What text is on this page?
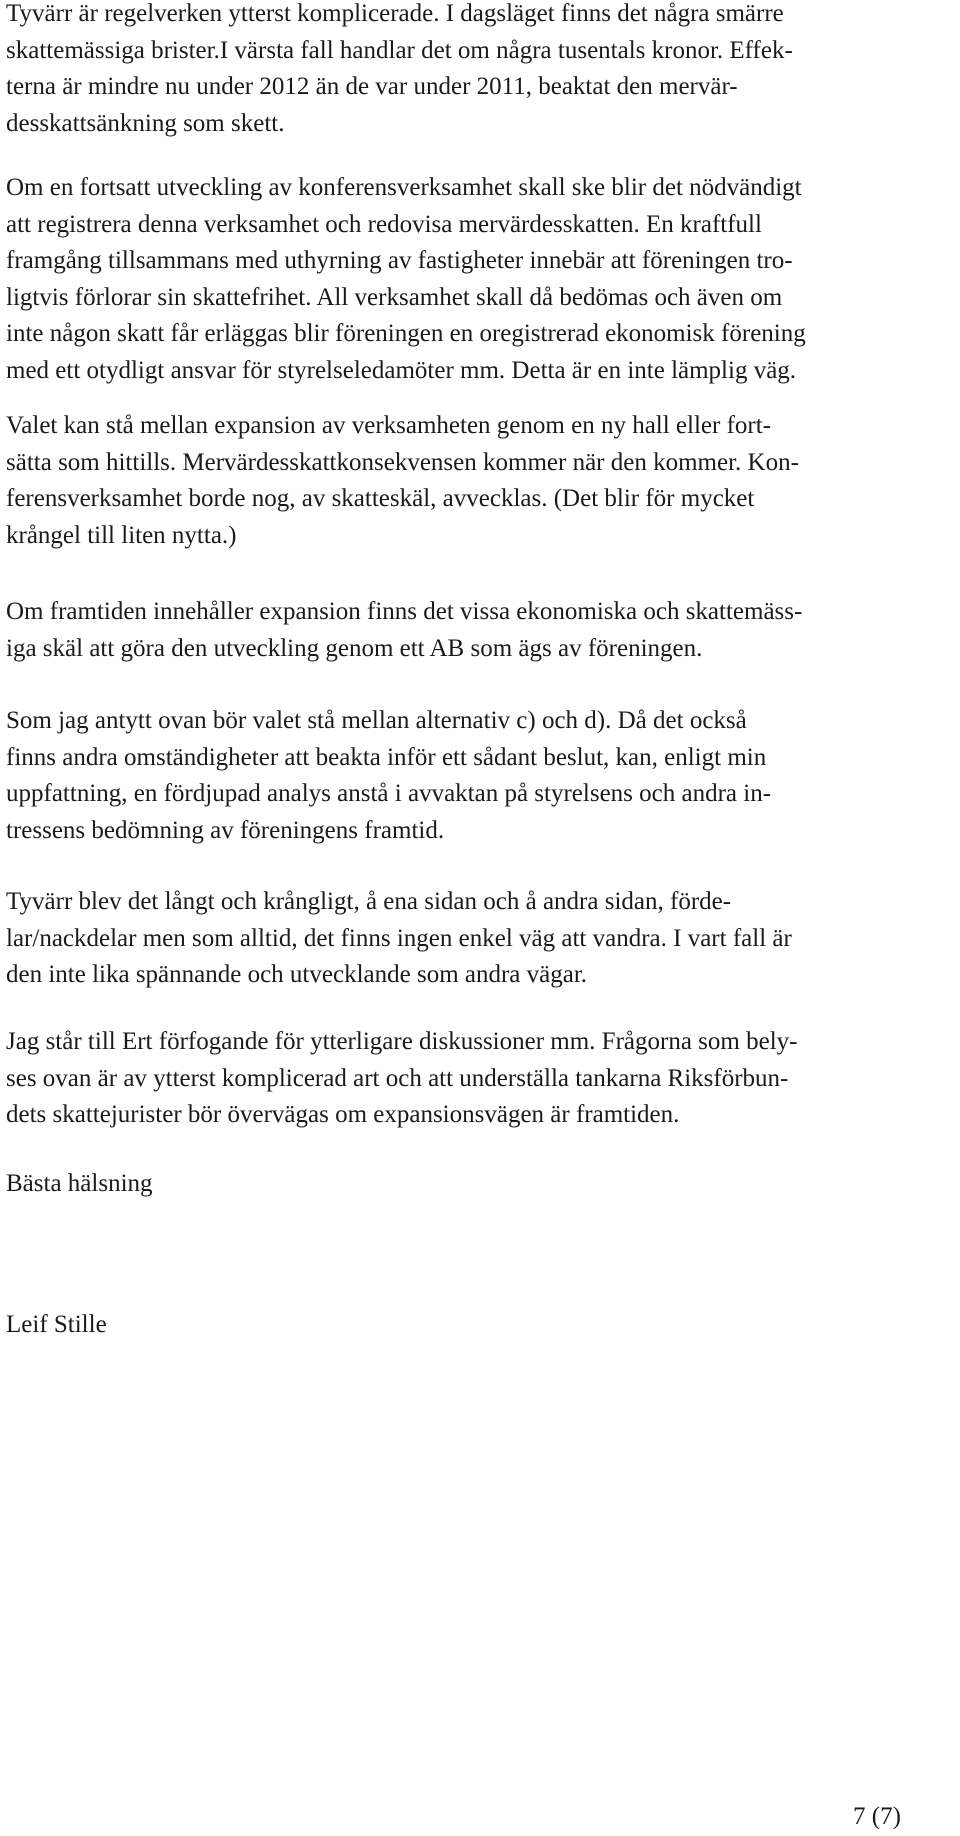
Tyvärr är regelverken ytterst komplicerade. I dagsläget finns det några smärre
skattemässiga brister.I värsta fall handlar det om några tusentals kronor. Effek-
terna är mindre nu under 2012 än de var under 2011, beaktat den mervär-
desskattsänkning som skett.

Om en fortsatt utveckling av konferensverksamhet skall ske blir det nödvändigt
att registrera denna verksamhet och redovisa mervärdesskatten. En kraftfull
framgång tillsammans med uthyrning av fastigheter innebär att föreningen tro-
ligtvis förlorar sin skattefrihet. All verksamhet skall då bedömas och även om
inte någon skatt får erläggas blir föreningen en oregistrerad ekonomisk förening
med ett otydligt ansvar för styrelseledamöter mm. Detta är en inte lämplig väg.

Valet kan stå mellan expansion av verksamheten genom en ny hall eller fort-
sätta som hittills. Mervärdesskattkonsekvensen kommer när den kommer. Kon-
ferensverksamhet borde nog, av skatteskäl, avvecklas. (Det blir för mycket
krångel till liten nytta.)

Om framtiden innehåller expansion finns det vissa ekonomiska och skattemäss-
iga skäl att göra den utveckling genom ett AB som ägs av föreningen.

Som jag antytt ovan bör valet stå mellan alternativ c) och d). Då det också
finns andra omständigheter att beakta inför ett sådant beslut, kan, enligt min
uppfattning, en fördjupad analys anstå i avvaktan på styrelsens och andra in-
tressens bedömning av föreningens framtid.

Tyvärr blev det långt och krångligt, å ena sidan och å andra sidan, förde-
lar/nackdelar men som alltid, det finns ingen enkel väg att vandra. I vart fall är
den inte lika spännande och utvecklande som andra vägar.

Jag står till Ert förfogande för ytterligare diskussioner mm. Frågorna som bely-
ses ovan är av ytterst komplicerad art och att underställa tankarna Riksförbun-
dets skattejurister bör övervägas om expansionsvägen är framtiden.

Bästa hälsning

Leif Stille

7 (7)
